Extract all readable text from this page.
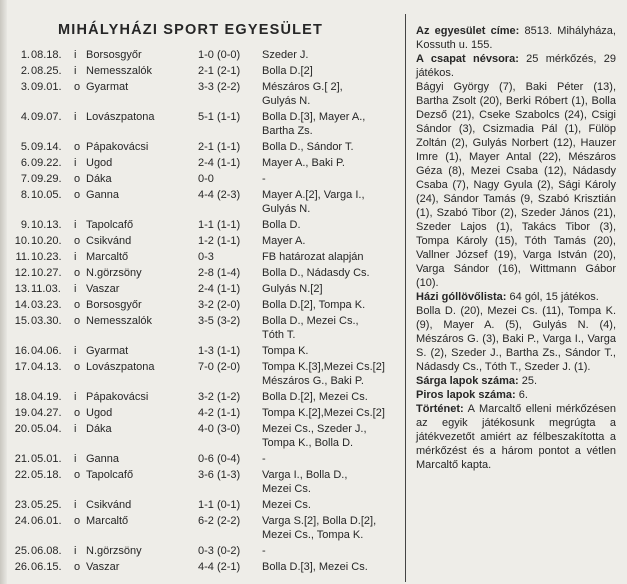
MIHÁLYHÁZI SPORT EGYESÜLET
1. 08.18. i Borsosgyőr	1-0 (0-0) Szeder J.
2. 08.25. i Nemesszalók	2-1 (2-1) Bolla D.[2]
3. 09.01. o Gyarmat	3-3 (2-2) Mészáros G.[ 2],
Gulyás N.
4. 09.07. i Lovászpatona	5-1 (1-1) Bolla D.[3], Mayer A.,
Bartha Zs.
5. 09.14. o Pápakovácsi	2-1 (1-1) Bolla D., Sándor T.
6. 09.22. i Ugod	2-4 (1-1) Mayer A., Baki P.
7. 09.29. o Dáka	0-0	-
8. 10.05. o Ganna	4-4 (2-3) Mayer A.[2], Varga I.,
Gulyás N.
9. 10.13. i Tapolcafő	1-1 (1-1) Bolla D.
10. 10.20. o Csikvánd	1-2 (1-1) Mayer A.
11. 10.23. i Marcaltő	0-3	FB határozat alapján
12. 10.27. o N.görzsöny	2-8 (1-4) Bolla D., Nádasdy Cs.
13. 11.03. i Vaszar	2-4 (1-1) Gulyás N.[2]
14. 03.23. o Borsosgyőr	3-2 (2-0) Bolla D.[2], Tompa K.
15. 03.30. o Nemesszalók	3-5 (3-2) Bolla D., Mezei Cs.,
Tóth T.
16. 04.06. i Gyarmat	1-3 (1-1) Tompa K.
17. 04.13. o Lovászpatona	7-0 (2-0) Tompa K.[3],Mezei Cs.[2]
Mészáros G., Baki P.
18. 04.19. i Pápakovácsi	3-2 (1-2) Bolla D.[2], Mezei Cs.
19. 04.27. o Ugod	4-2 (1-1) Tompa K.[2],Mezei Cs.[2]
20. 05.04. i Dáka	4-0 (3-0) Mezei Cs., Szeder J.,
Tompa K., Bolla D.
21. 05.01. i Ganna	0-6 (0-4) -
22. 05.18. o Tapolcafő	3-6 (1-3) Varga I., Bolla D.,
Mezei Cs.
23. 05.25. i Csikvánd	1-1 (0-1) Mezei Cs.
24. 06.01. o Marcaltő	6-2 (2-2) Varga S.[2], Bolla D.[2],
Mezei Cs., Tompa K.
25. 06.08. i N.görzsöny	0-3 (0-2) -
26. 06.15. o Vaszar	4-4 (2-1) Bolla D.[3], Mezei Cs.

Az egyesület címe: 8513. Mihályháza, Kossuth u. 155.

A csapat névsora: 25 mérkőzés, 29 játékos.

Bágyi György (7), Baki Péter (13), Bartha Zsolt (20), Berki Róbert (1), Bolla Dezső (21), Cseke Szabolcs (24), Csigi Sándor (3), Csizmadia Pál (1), Fülöp Zoltán (2), Gulyás Norbert (12), Hauzer Imre (1), Mayer Antal (22), Mészáros Géza (8), Mezei Csaba (12), Nádasdy Csaba (7), Nagy Gyula (2), Sági Károly (24), Sándor Tamás (9, Szabó Krisztián (1), Szabó Tibor (2), Szeder János (21), Szeder Lajos (1), Takács Tibor (3), Tompa Károly (15), Tóth Tamás (20), Vallner József (19), Varga István (20), Varga Sándor (16), Wittmann Gábor (10).

Házi góllövőlista: 64 gól, 15 játékos.

Bolla D. (20), Mezei Cs. (11), Tompa K. (9), Mayer A. (5), Gulyás N. (4), Mészáros G. (3), Baki P., Varga I., Varga S. (2), Szeder J., Bartha Zs., Sándor T., Nádasdy Cs., Tóth T., Szeder J. (1).

Sárga lapok száma: 25.

Piros lapok száma: 6.

Történet: A Marcaltő elleni mérkőzésen az egyik játékosunk megrúgta a játékvezetőt amiért az félbeszakította a mérkőzést és a három pontot a vétlen Marcaltő kapta.
